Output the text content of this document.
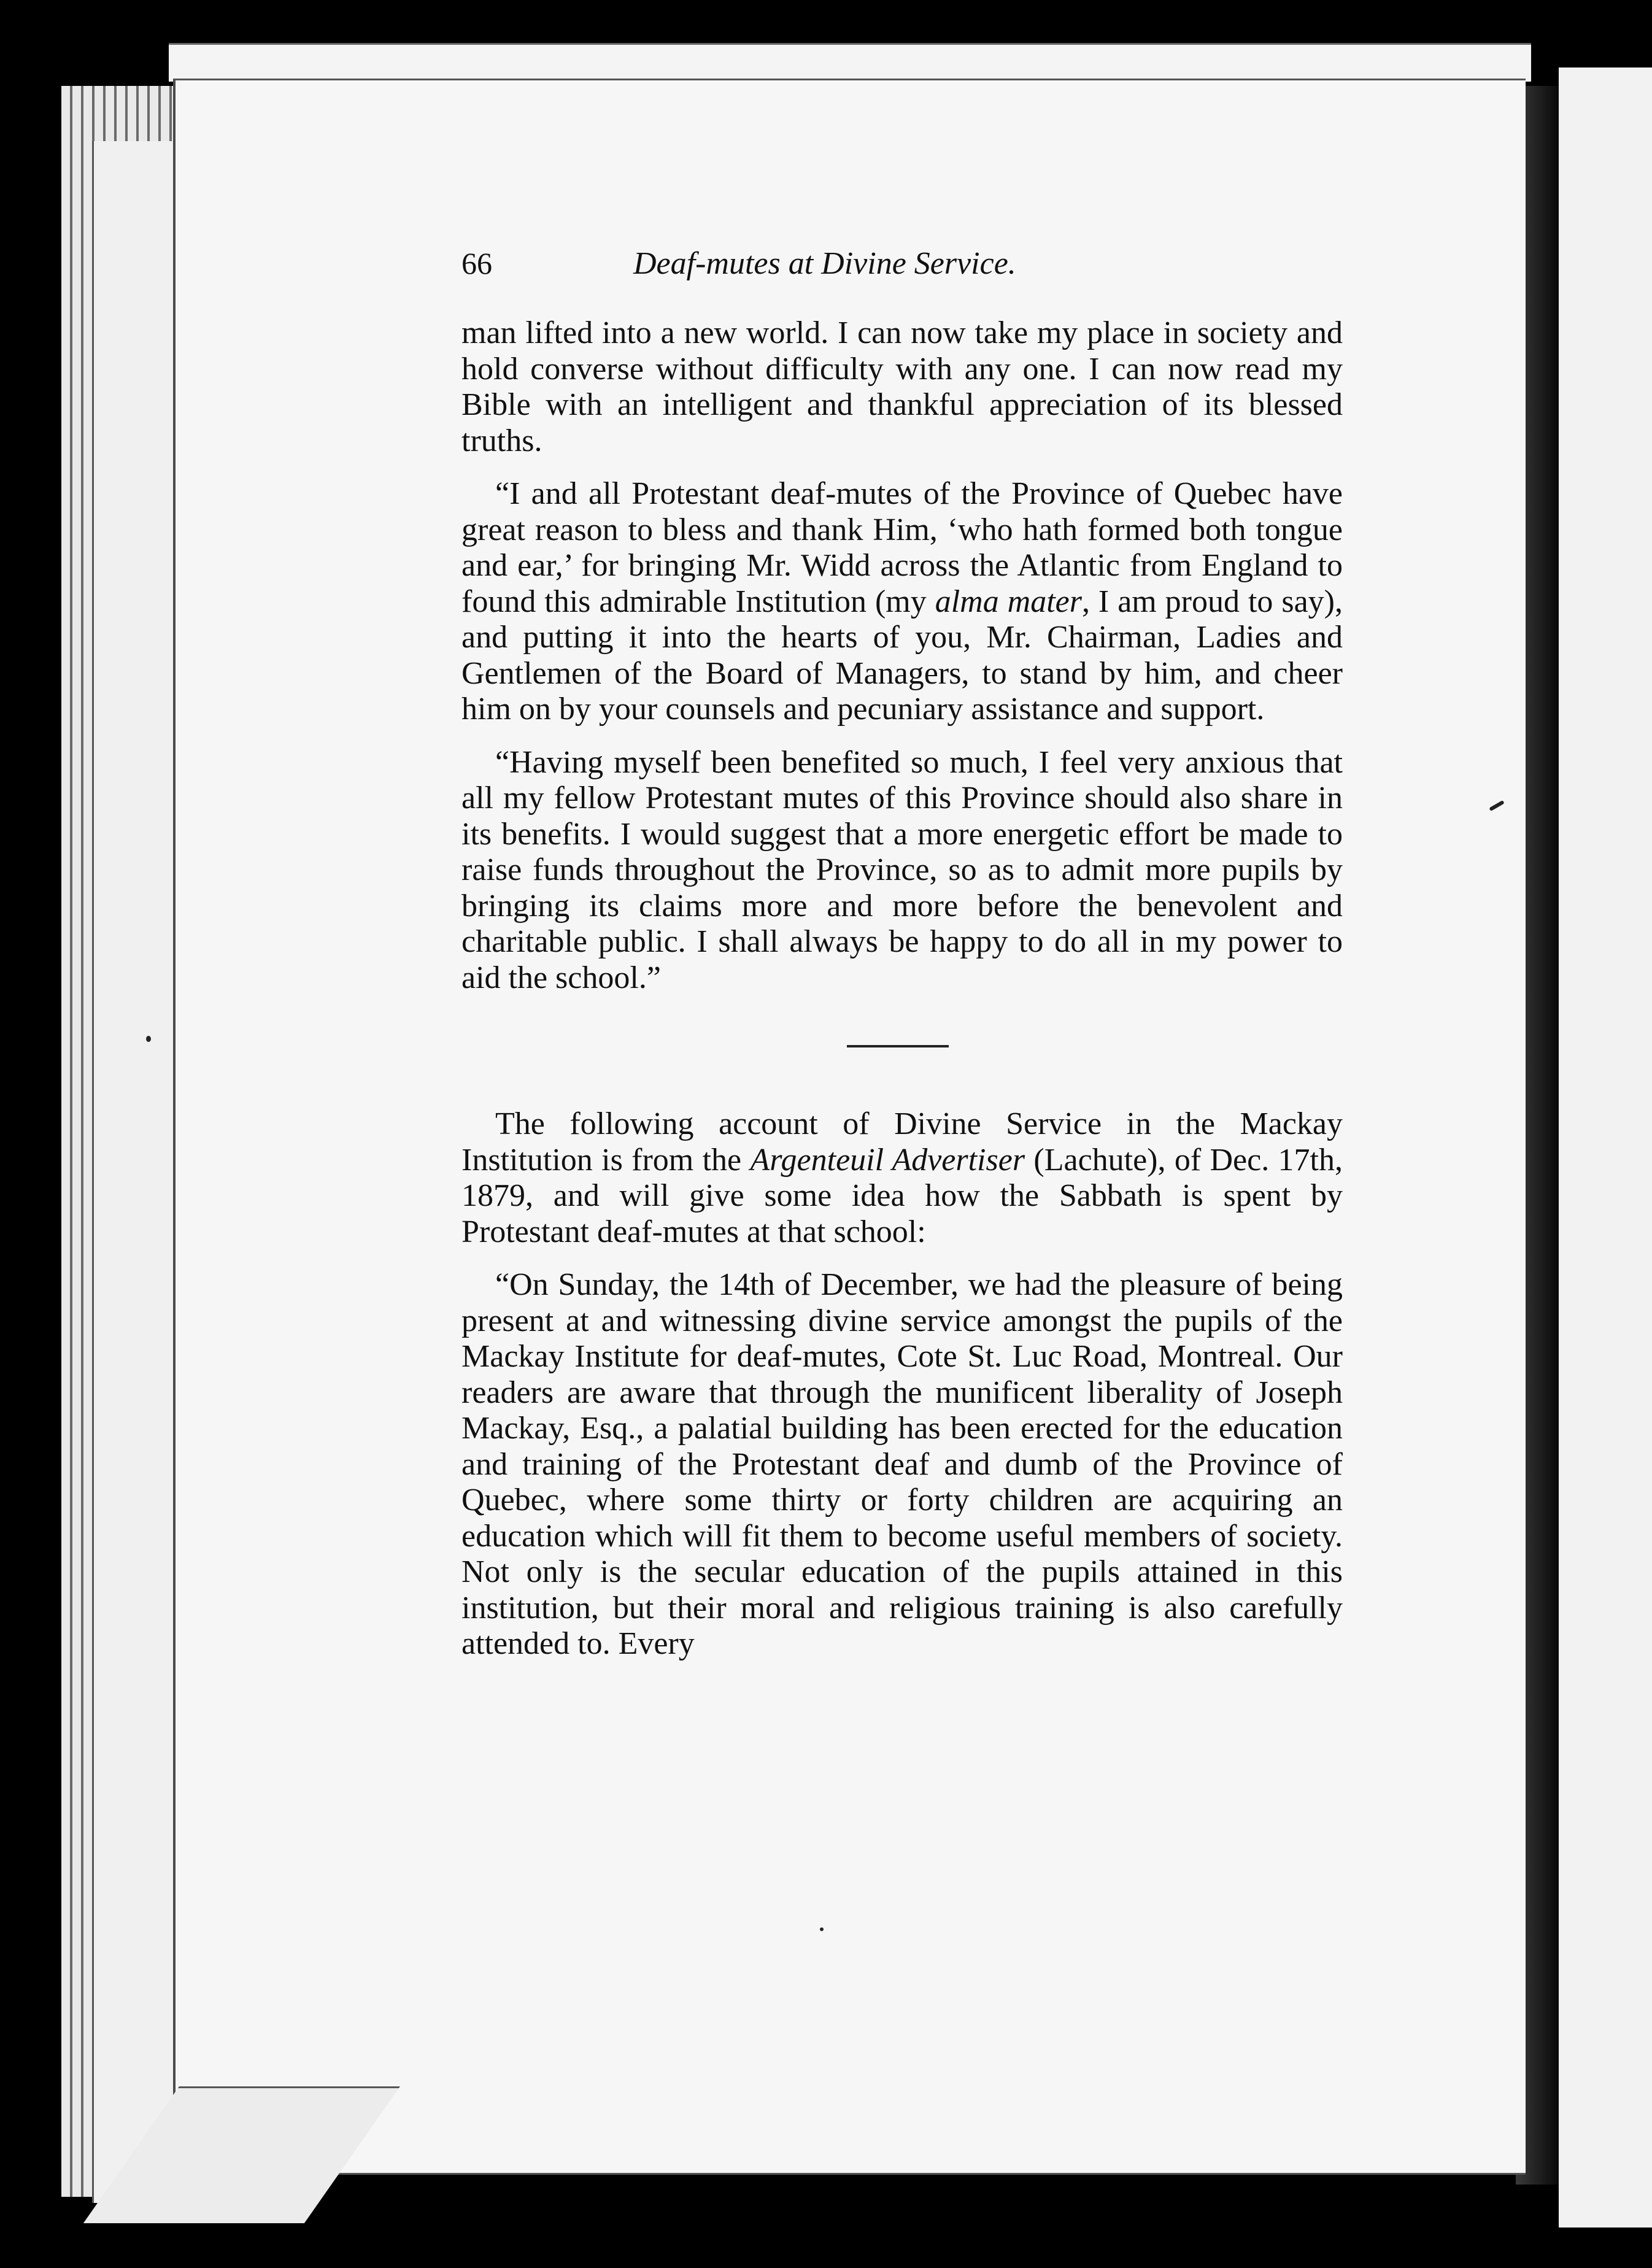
66	Deaf-mutes at Divine Service.

man lifted into a new world. I can now take my place in society and hold converse without difficulty with any one. I can now read my Bible with an intelligent and thankful appreciation of its blessed truths.

“I and all Protestant deaf-mutes of the Province of Quebec have great reason to bless and thank Him, ‘who hath formed both tongue and ear,’ for bringing Mr. Widd across the Atlantic from England to found this admirable Institution (my alma mater, I am proud to say), and putting it into the hearts of you, Mr. Chairman, Ladies and Gentlemen of the Board of Managers, to stand by him, and cheer him on by your counsels and pecuniary assistance and support.

“Having myself been benefited so much, I feel very anxious that all my fellow Protestant mutes of this Province should also share in its benefits. I would suggest that a more energetic effort be made to raise funds throughout the Province, so as to admit more pupils by bringing its claims more and more before the benevolent and charitable public. I shall always be happy to do all in my power to aid the school.”

The following account of Divine Service in the Mackay Institution is from the Argenteuil Advertiser (Lachute), of Dec. 17th, 1879, and will give some idea how the Sabbath is spent by Protestant deaf-mutes at that school:

“On Sunday, the 14th of December, we had the pleasure of being present at and witnessing divine service amongst the pupils of the Mackay Institute for deaf-mutes, Cote St. Luc Road, Montreal. Our readers are aware that through the munificent liberality of Joseph Mackay, Esq., a palatial building has been erected for the education and training of the Protestant deaf and dumb of the Province of Quebec, where some thirty or forty children are acquiring an education which will fit them to become useful members of society. Not only is the secular education of the pupils attained in this institution, but their moral and religious training is also carefully attended to. Every
